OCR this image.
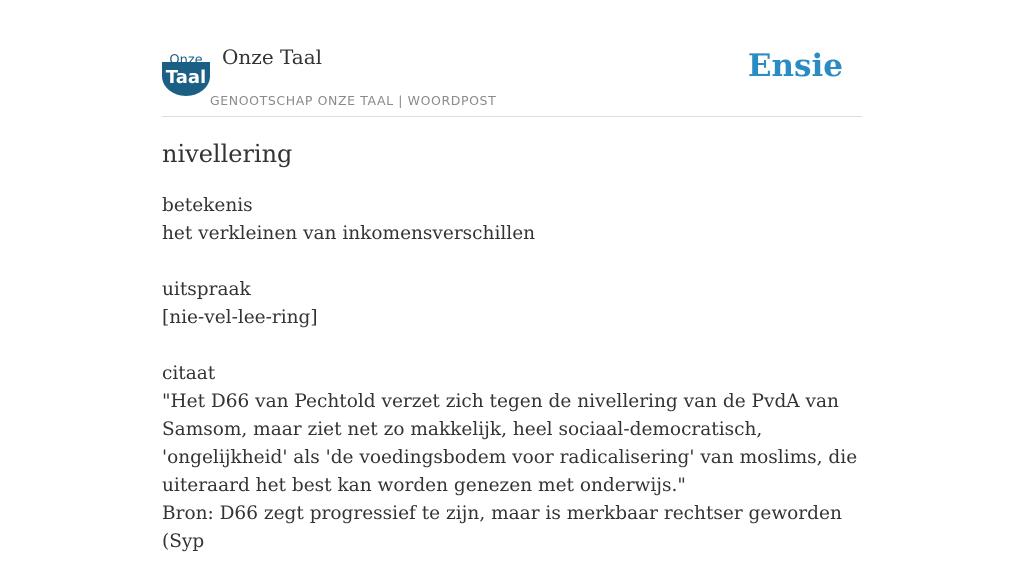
Onze
Taal
Onze Taal
GENOOTSCHAP ONZE TAAL | WOORDPOST
Ensie
nivellering
betekenis
het verkleinen van inkomensverschillen
uitspraak
[nie-vel-lee-ring]
citaat
"Het D66 van Pechtold verzet zich tegen de nivellering van de PvdA van Samsom, maar ziet net zo makkelijk, heel sociaal-democratisch, 'ongelijkheid' als 'de voedingsbodem voor radicalisering' van moslims, die uiteraard het best kan worden genezen met onderwijs."
Bron: D66 zegt progressief te zijn, maar is merkbaar rechtser geworden (Syp
